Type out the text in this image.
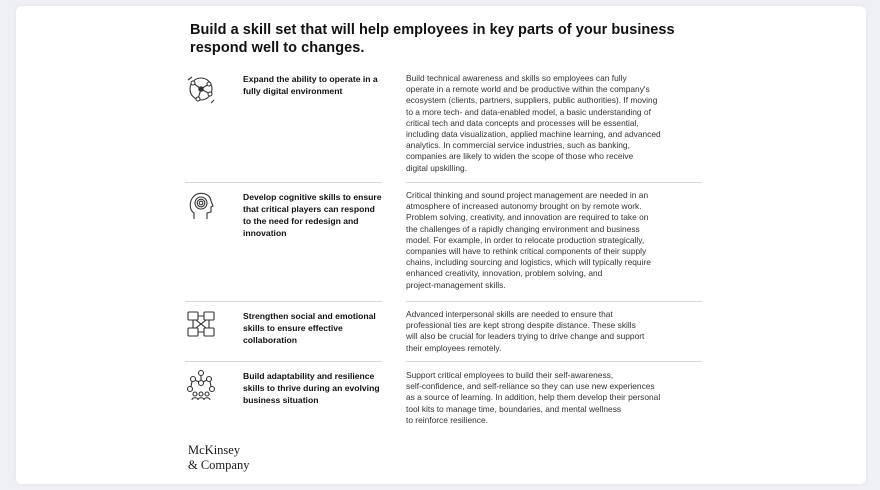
Build a skill set that will help employees in key parts of your business respond well to changes.
Expand the ability to operate in a fully digital environment
Build technical awareness and skills so employees can fully
operate in a remote world and be productive within the company's
ecosystem (clients, partners, suppliers, public authorities). If moving
to a more tech- and data-enabled model, a basic understanding of
critical tech and data concepts and processes will be essential,
including data visualization, applied machine learning, and advanced
analytics. In commercial service industries, such as banking,
companies are likely to widen the scope of those who receive
digital upskilling.
Develop cognitive skills to ensure that critical players can respond to the need for redesign and innovation
Critical thinking and sound project management are needed in an
atmosphere of increased autonomy brought on by remote work.
Problem solving, creativity, and innovation are required to take on
the challenges of a rapidly changing environment and business
model. For example, in order to relocate production strategically,
companies will have to rethink critical components of their supply
chains, including sourcing and logistics, which will typically require
enhanced creativity, innovation, problem solving, and
project-management skills.
Strengthen social and emotional skills to ensure effective collaboration
Advanced interpersonal skills are needed to ensure that
professional ties are kept strong despite distance. These skills
will also be crucial for leaders trying to drive change and support
their employees remotely.
Build adaptability and resilience skills to thrive during an evolving business situation
Support critical employees to build their self-awareness,
self-confidence, and self-reliance so they can use new experiences
as a source of learning. In addition, help them develop their personal
tool kits to manage time, boundaries, and mental wellness
to reinforce resilience.
McKinsey
& Company
